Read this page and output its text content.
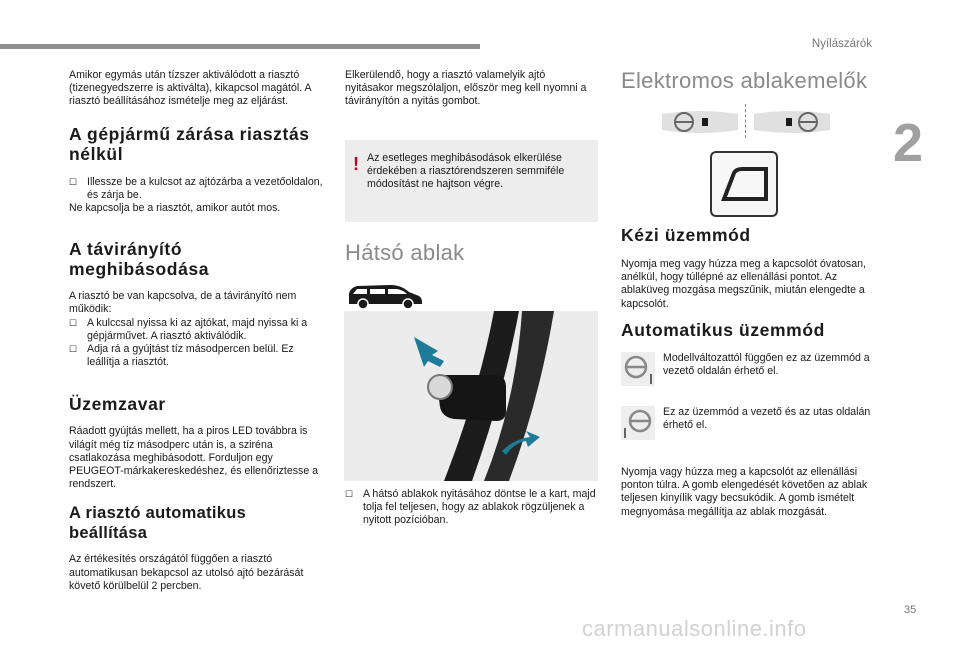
Nyílászárók
2
35
carmanualsonline.info

Amikor egymás után tízszer aktiválódott a riasztó (tizenegyedszerre is aktiválta), kikapcsol magától. A riasztó beállításához ismételje meg az eljárást.

A gépjármű zárása riasztás nélkül

☐ Illessze be a kulcsot az ajtózárba a vezetőoldalon, és zárja be.

Ne kapcsolja be a riasztót, amikor autót mos.

A távirányító meghibásodása

A riasztó be van kapcsolva, de a távirányító nem működik:

☐ A kulccsal nyissa ki az ajtókat, majd nyissa ki a gépjárművet. A riasztó aktiválódik.

☐ Adja rá a gyújtást tíz másodpercen belül. Ez leállítja a riasztót.

Üzemzavar

Ráadott gyújtás mellett, ha a piros LED továbbra is világít még tíz másodperc után is, a sziréna csatlakozása meghibásodott. Forduljon egy PEUGEOT-márkakereskedéshez, és ellenőriztesse a rendszert.

A riasztó automatikus beállítása

Az értékesítés országától függően a riasztó automatikusan bekapcsol az utolsó ajtó bezárását követő körülbelül 2 percben.

Elkerülendő, hogy a riasztó valamelyik ajtó nyitásakor megszólaljon, először meg kell nyomni a távirányítón a nyitás gombot.

! Az esetleges meghibásodások elkerülése érdekében a riasztórendszeren semmiféle módosítást ne hajtson végre.

Hátsó ablak

☐ A hátsó ablakok nyitásához döntse le a kart, majd tolja fel teljesen, hogy az ablakok rögzüljenek a nyitott pozícióban.

Elektromos ablakemelők
Kézi üzemmód

Nyomja meg vagy húzza meg a kapcsolót óvatosan, anélkül, hogy túllépné az ellenállási pontot. Az ablaküveg mozgása megszűnik, miután elengedte a kapcsolót.

Automatikus üzemmód

Modellváltozattól függően ez az üzemmód a vezető oldalán érhető el.

Ez az üzemmód a vezető és az utas oldalán érhető el.

Nyomja vagy húzza meg a kapcsolót az ellenállási ponton túlra. A gomb elengedését követően az ablak teljesen kinyílik vagy becsukódik. A gomb ismételt megnyomása megállítja az ablak mozgását.
